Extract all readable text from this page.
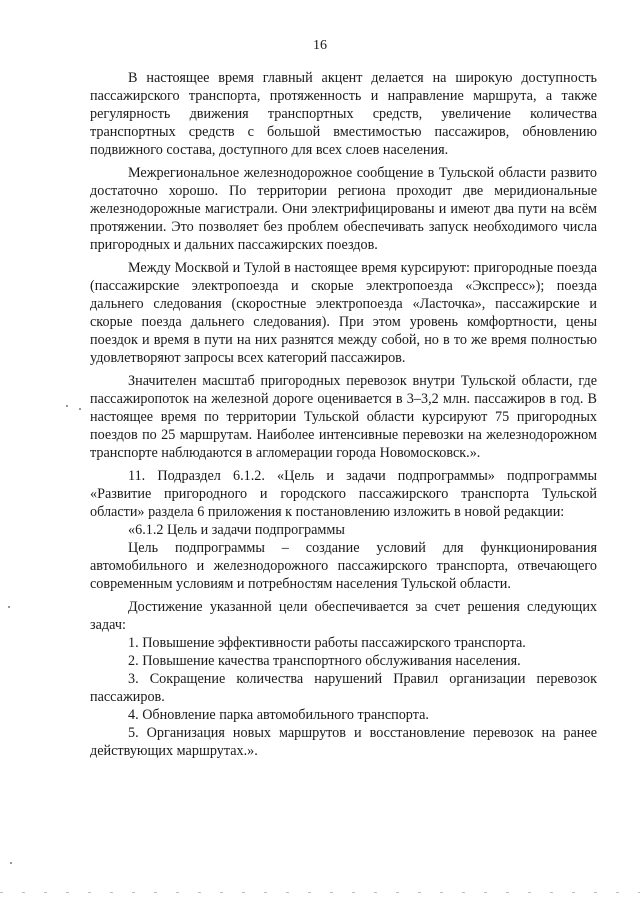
16

В настоящее время главный акцент делается на широкую доступность пассажирского транспорта, протяженность и направление маршрута, а также регулярность движения транспортных средств, увеличение количества транспортных средств с большой вместимостью пассажиров, обновлению подвижного состава, доступного для всех слоев населения.

Межрегиональное железнодорожное сообщение в Тульской области развито достаточно хорошо. По территории региона проходит две меридиональные железнодорожные магистрали. Они электрифицированы и имеют два пути на всём протяжении. Это позволяет без проблем обеспечивать запуск необходимого числа пригородных и дальних пассажирских поездов.

Между Москвой и Тулой в настоящее время курсируют: пригородные поезда (пассажирские электропоезда и скорые электропоезда «Экспресс»); поезда дальнего следования (скоростные электропоезда «Ласточка», пассажирские и скорые поезда дальнего следования). При этом уровень комфортности, цены поездок и время в пути на них разнятся между собой, но в то же время полностью удовлетворяют запросы всех категорий пассажиров.

Значителен масштаб пригородных перевозок внутри Тульской области, где пассажиропоток на железной дороге оценивается в 3–3,2 млн. пассажиров в год. В настоящее время по территории Тульской области курсируют 75 пригородных поездов по 25 маршрутам. Наиболее интенсивные перевозки на железнодорожном транспорте наблюдаются в агломерации города Новомосковск.».

11. Подраздел 6.1.2. «Цель и задачи подпрограммы» подпрограммы «Развитие пригородного и городского пассажирского транспорта Тульской области» раздела 6 приложения к постановлению изложить в новой редакции:

«6.1.2 Цель и задачи подпрограммы

Цель подпрограммы – создание условий для функционирования автомобильного и железнодорожного пассажирского транспорта, отвечающего современным условиям и потребностям населения Тульской области.

Достижение указанной цели обеспечивается за счет решения следующих задач:

1. Повышение эффективности работы пассажирского транспорта.

2. Повышение качества транспортного обслуживания населения.

3. Сокращение количества нарушений Правил организации перевозок пассажиров.

4. Обновление парка автомобильного транспорта.

5. Организация новых маршрутов и восстановление перевозок на ранее действующих маршрутах.».
